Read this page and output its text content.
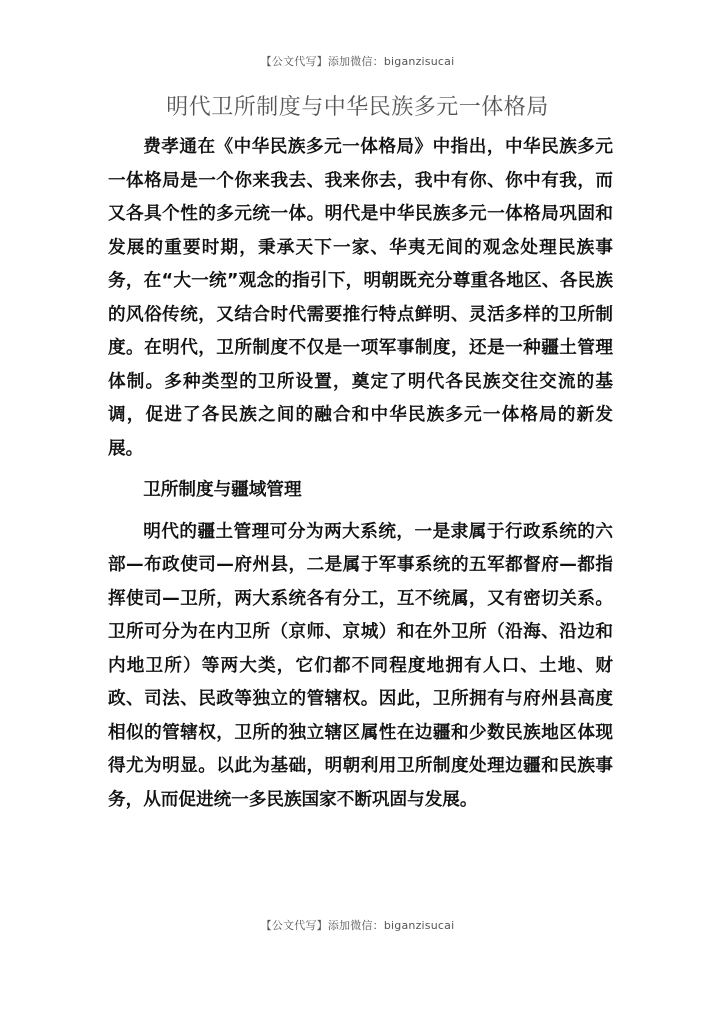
【公文代写】添加微信：biganzisucai
明代卫所制度与中华民族多元一体格局

费孝通在《中华民族多元一体格局》中指出，中华民族多元一体格局是一个你来我去、我来你去，我中有你、你中有我，而又各具个性的多元统一体。明代是中华民族多元一体格局巩固和发展的重要时期，秉承天下一家、华夷无间的观念处理民族事务，在“大一统”观念的指引下，明朝既充分尊重各地区、各民族的风俗传统，又结合时代需要推行特点鲜明、灵活多样的卫所制度。在明代，卫所制度不仅是一项军事制度，还是一种疆土管理体制。多种类型的卫所设置，奠定了明代各民族交往交流的基调，促进了各民族之间的融合和中华民族多元一体格局的新发展。

卫所制度与疆域管理

明代的疆土管理可分为两大系统，一是隶属于行政系统的六部—布政使司—府州县，二是属于军事系统的五军都督府—都指挥使司—卫所，两大系统各有分工，互不统属，又有密切关系。卫所可分为在内卫所（京师、京城）和在外卫所（沿海、沿边和内地卫所）等两大类，它们都不同程度地拥有人口、土地、财政、司法、民政等独立的管辖权。因此，卫所拥有与府州县高度相似的管辖权，卫所的独立辖区属性在边疆和少数民族地区体现得尤为明显。以此为基础，明朝利用卫所制度处理边疆和民族事务，从而促进统一多民族国家不断巩固与发展。

【公文代写】添加微信：biganzisucai
